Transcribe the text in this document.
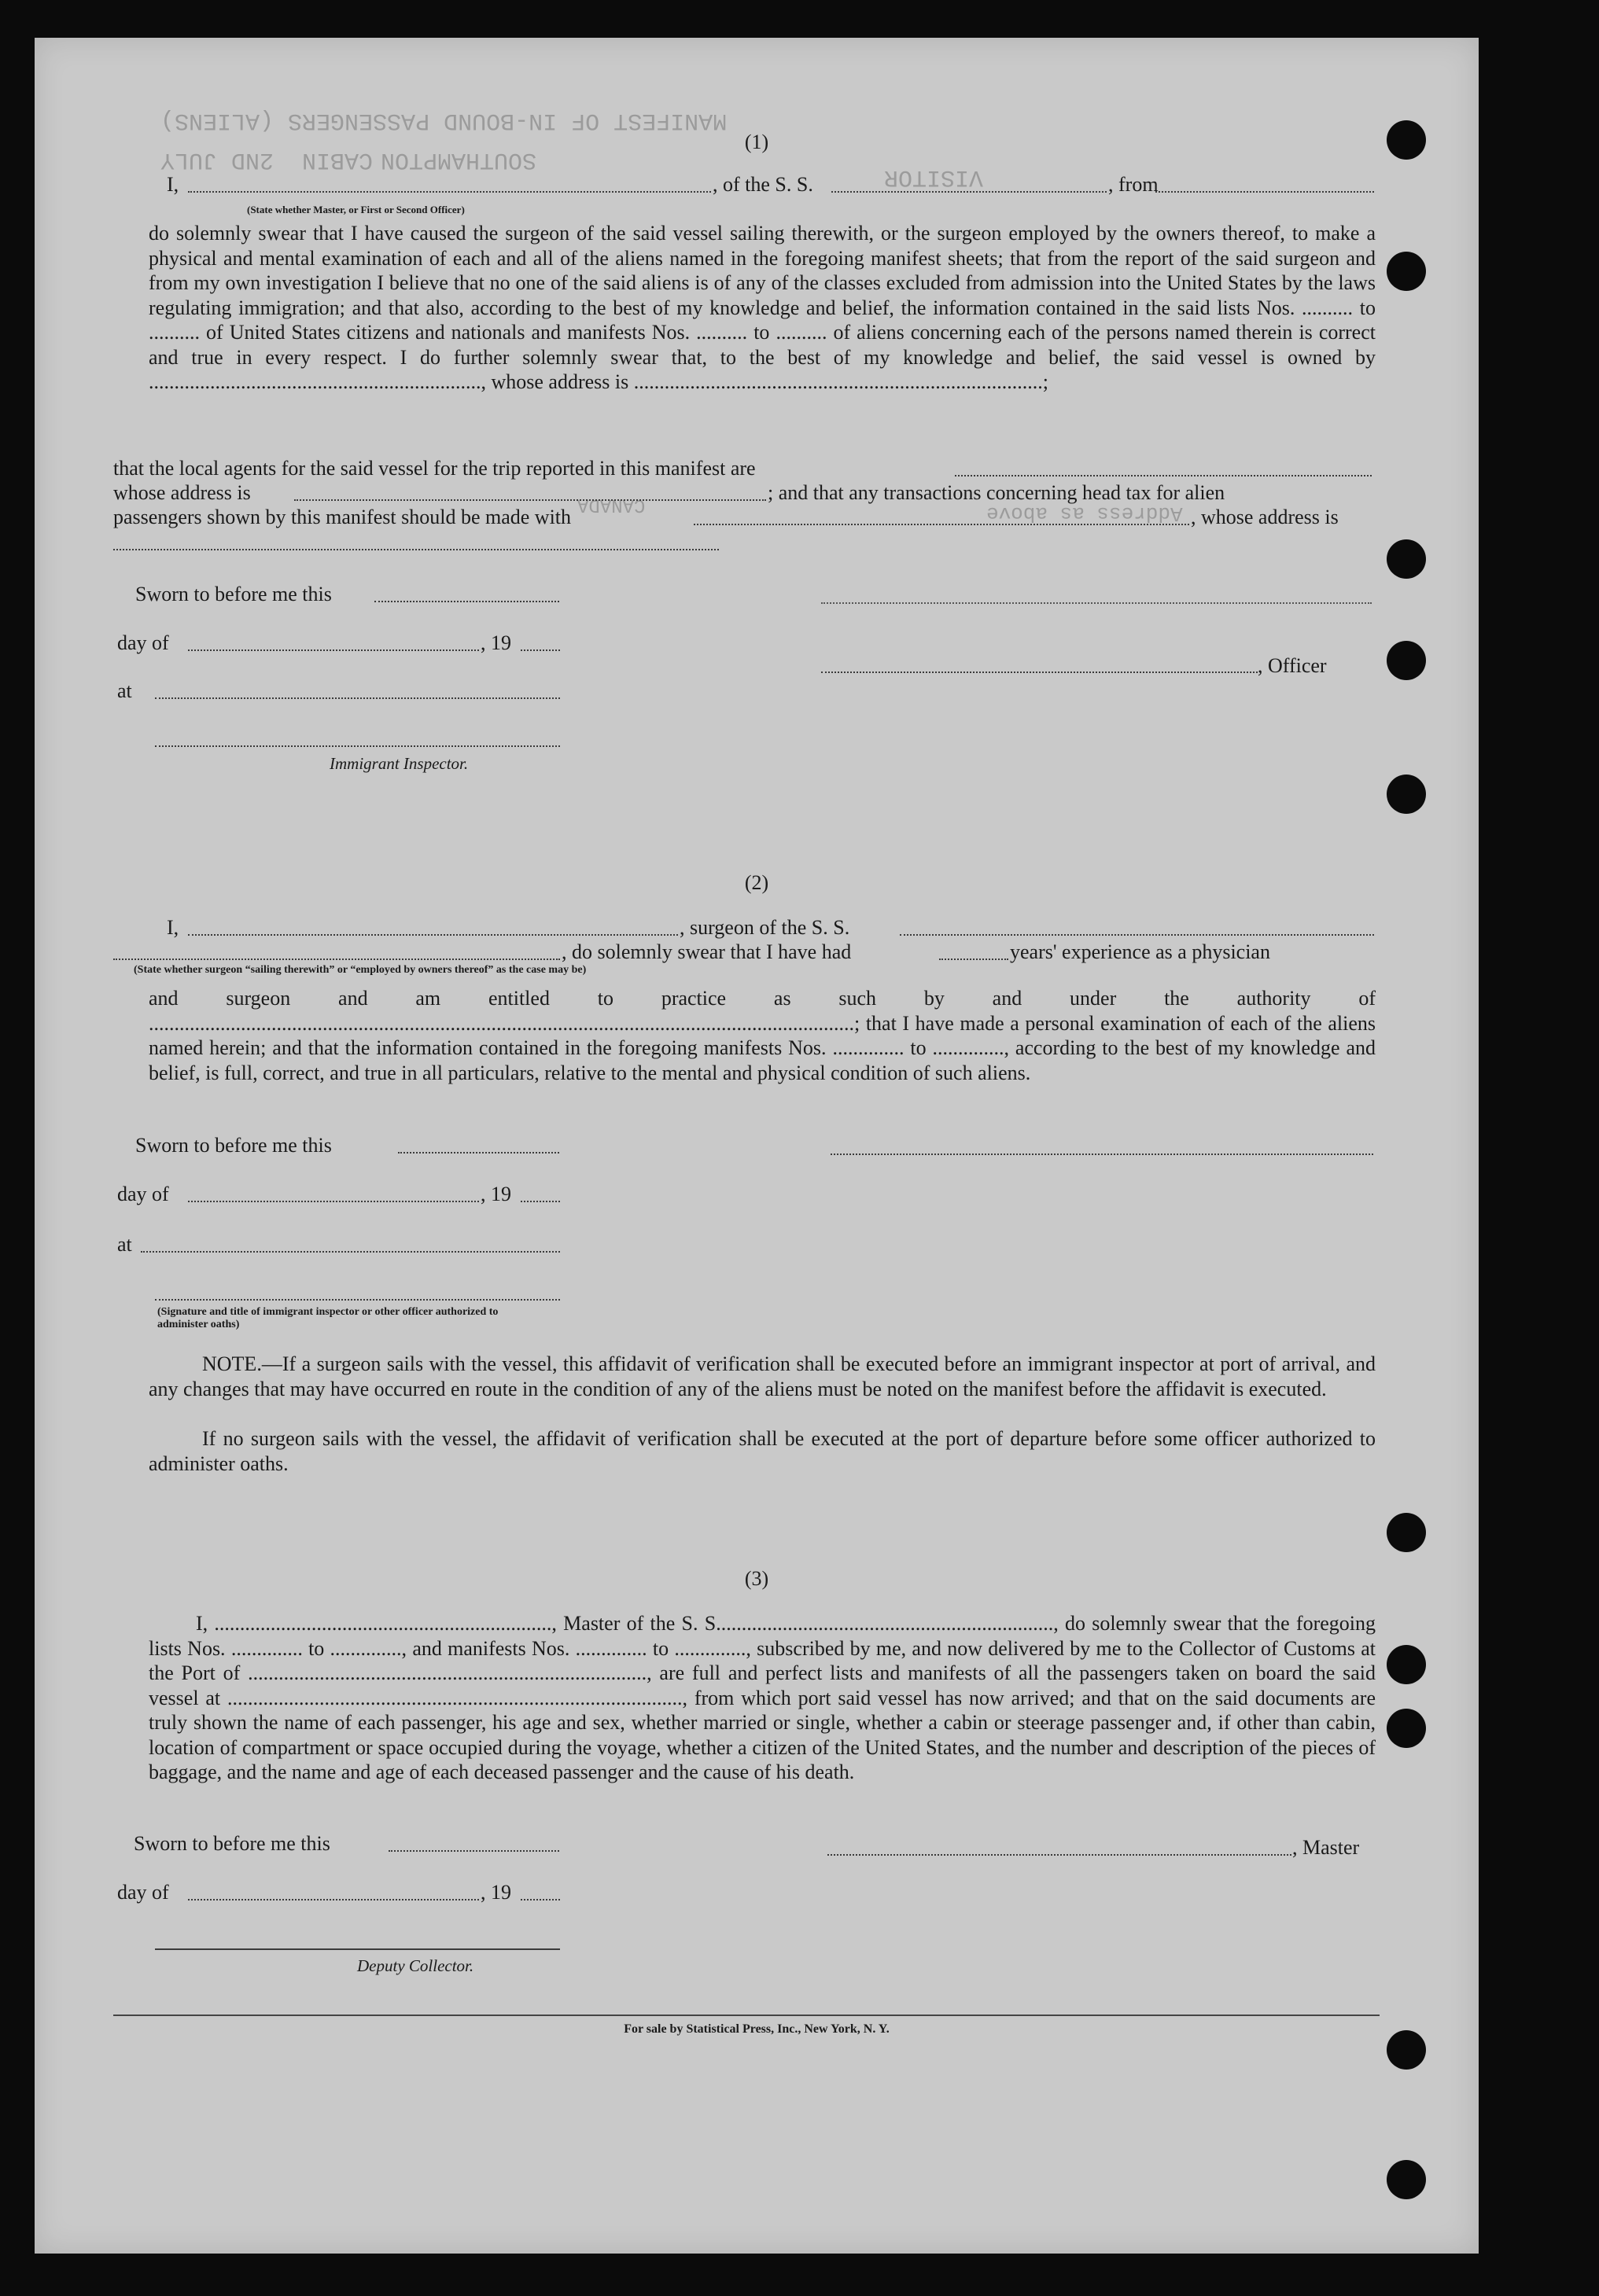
MANIFEST OF IN-BOUND PASSENGERS (ALIENS)
CABIN SOUTHAMPTON
2ND JULY
VISITOR
CANADA	Address as above
(1)
I,	, of the S. S.	, from
(State whether Master, or First or Second Officer)
do solemnly swear that I have caused the surgeon of the said vessel sailing therewith, or the surgeon employed by the owners thereof, to make a physical and mental examination of each and all of the aliens named in the foregoing manifest sheets; that from the report of the said surgeon and from my own investigation I believe that no one of the said aliens is of any of the classes excluded from admission into the United States by the laws regulating immigration; and that also, according to the best of my knowledge and belief, the information contained in the said lists Nos. .......... to .......... of United States citizens and nationals and manifests Nos. .......... to .......... of aliens concerning each of the persons named therein is correct and true in every respect. I do further solemnly swear that, to the best of my knowledge and belief, the said vessel is owned by ................................................................., whose address is ................................................................................;
that the local agents for the said vessel for the trip reported in this manifest are
whose address is	; and that any transactions concerning head tax for alien
passengers shown by this manifest should be made with	, whose address is
Sworn to before me this
day of	, 19
, Officer
at
Immigrant Inspector.
(2)
I,	, surgeon of the S. S.
, do solemnly swear that I have had	years' experience as a physician
(State whether surgeon “sailing therewith” or “employed by owners thereof” as the case may be)
and surgeon and am entitled to practice as such by and under the authority of ..........................................................................................................................................; that I have made a personal examination of each of the aliens named herein; and that the information contained in the foregoing manifests Nos. .............. to .............., according to the best of my knowledge and belief, is full, correct, and true in all particulars, relative to the mental and physical condition of such aliens.
Sworn to before me this
day of	, 19
at
(Signature and title of immigrant inspector or other officer authorized to administer oaths)
NOTE.—If a surgeon sails with the vessel, this affidavit of verification shall be executed before an immigrant inspector at port of arrival, and any changes that may have occurred en route in the condition of any of the aliens must be noted on the manifest before the affidavit is executed.
If no surgeon sails with the vessel, the affidavit of verification shall be executed at the port of departure before some officer authorized to administer oaths.
(3)
I, .................................................................., Master of the S. S.................................................................., do solemnly swear that the foregoing lists Nos. .............. to .............., and manifests Nos. .............. to .............., subscribed by me, and now delivered by me to the Collector of Customs at the Port of .............................................................................., are full and perfect lists and manifests of all the passengers taken on board the said vessel at ........................................................................................., from which port said vessel has now arrived; and that on the said documents are truly shown the name of each passenger, his age and sex, whether married or single, whether a cabin or steerage passenger and, if other than cabin, location of compartment or space occupied during the voyage, whether a citizen of the United States, and the number and description of the pieces of baggage, and the name and age of each deceased passenger and the cause of his death.
Sworn to before me this	, Master
day of	, 19
Deputy Collector.
For sale by Statistical Press, Inc., New York, N. Y.
